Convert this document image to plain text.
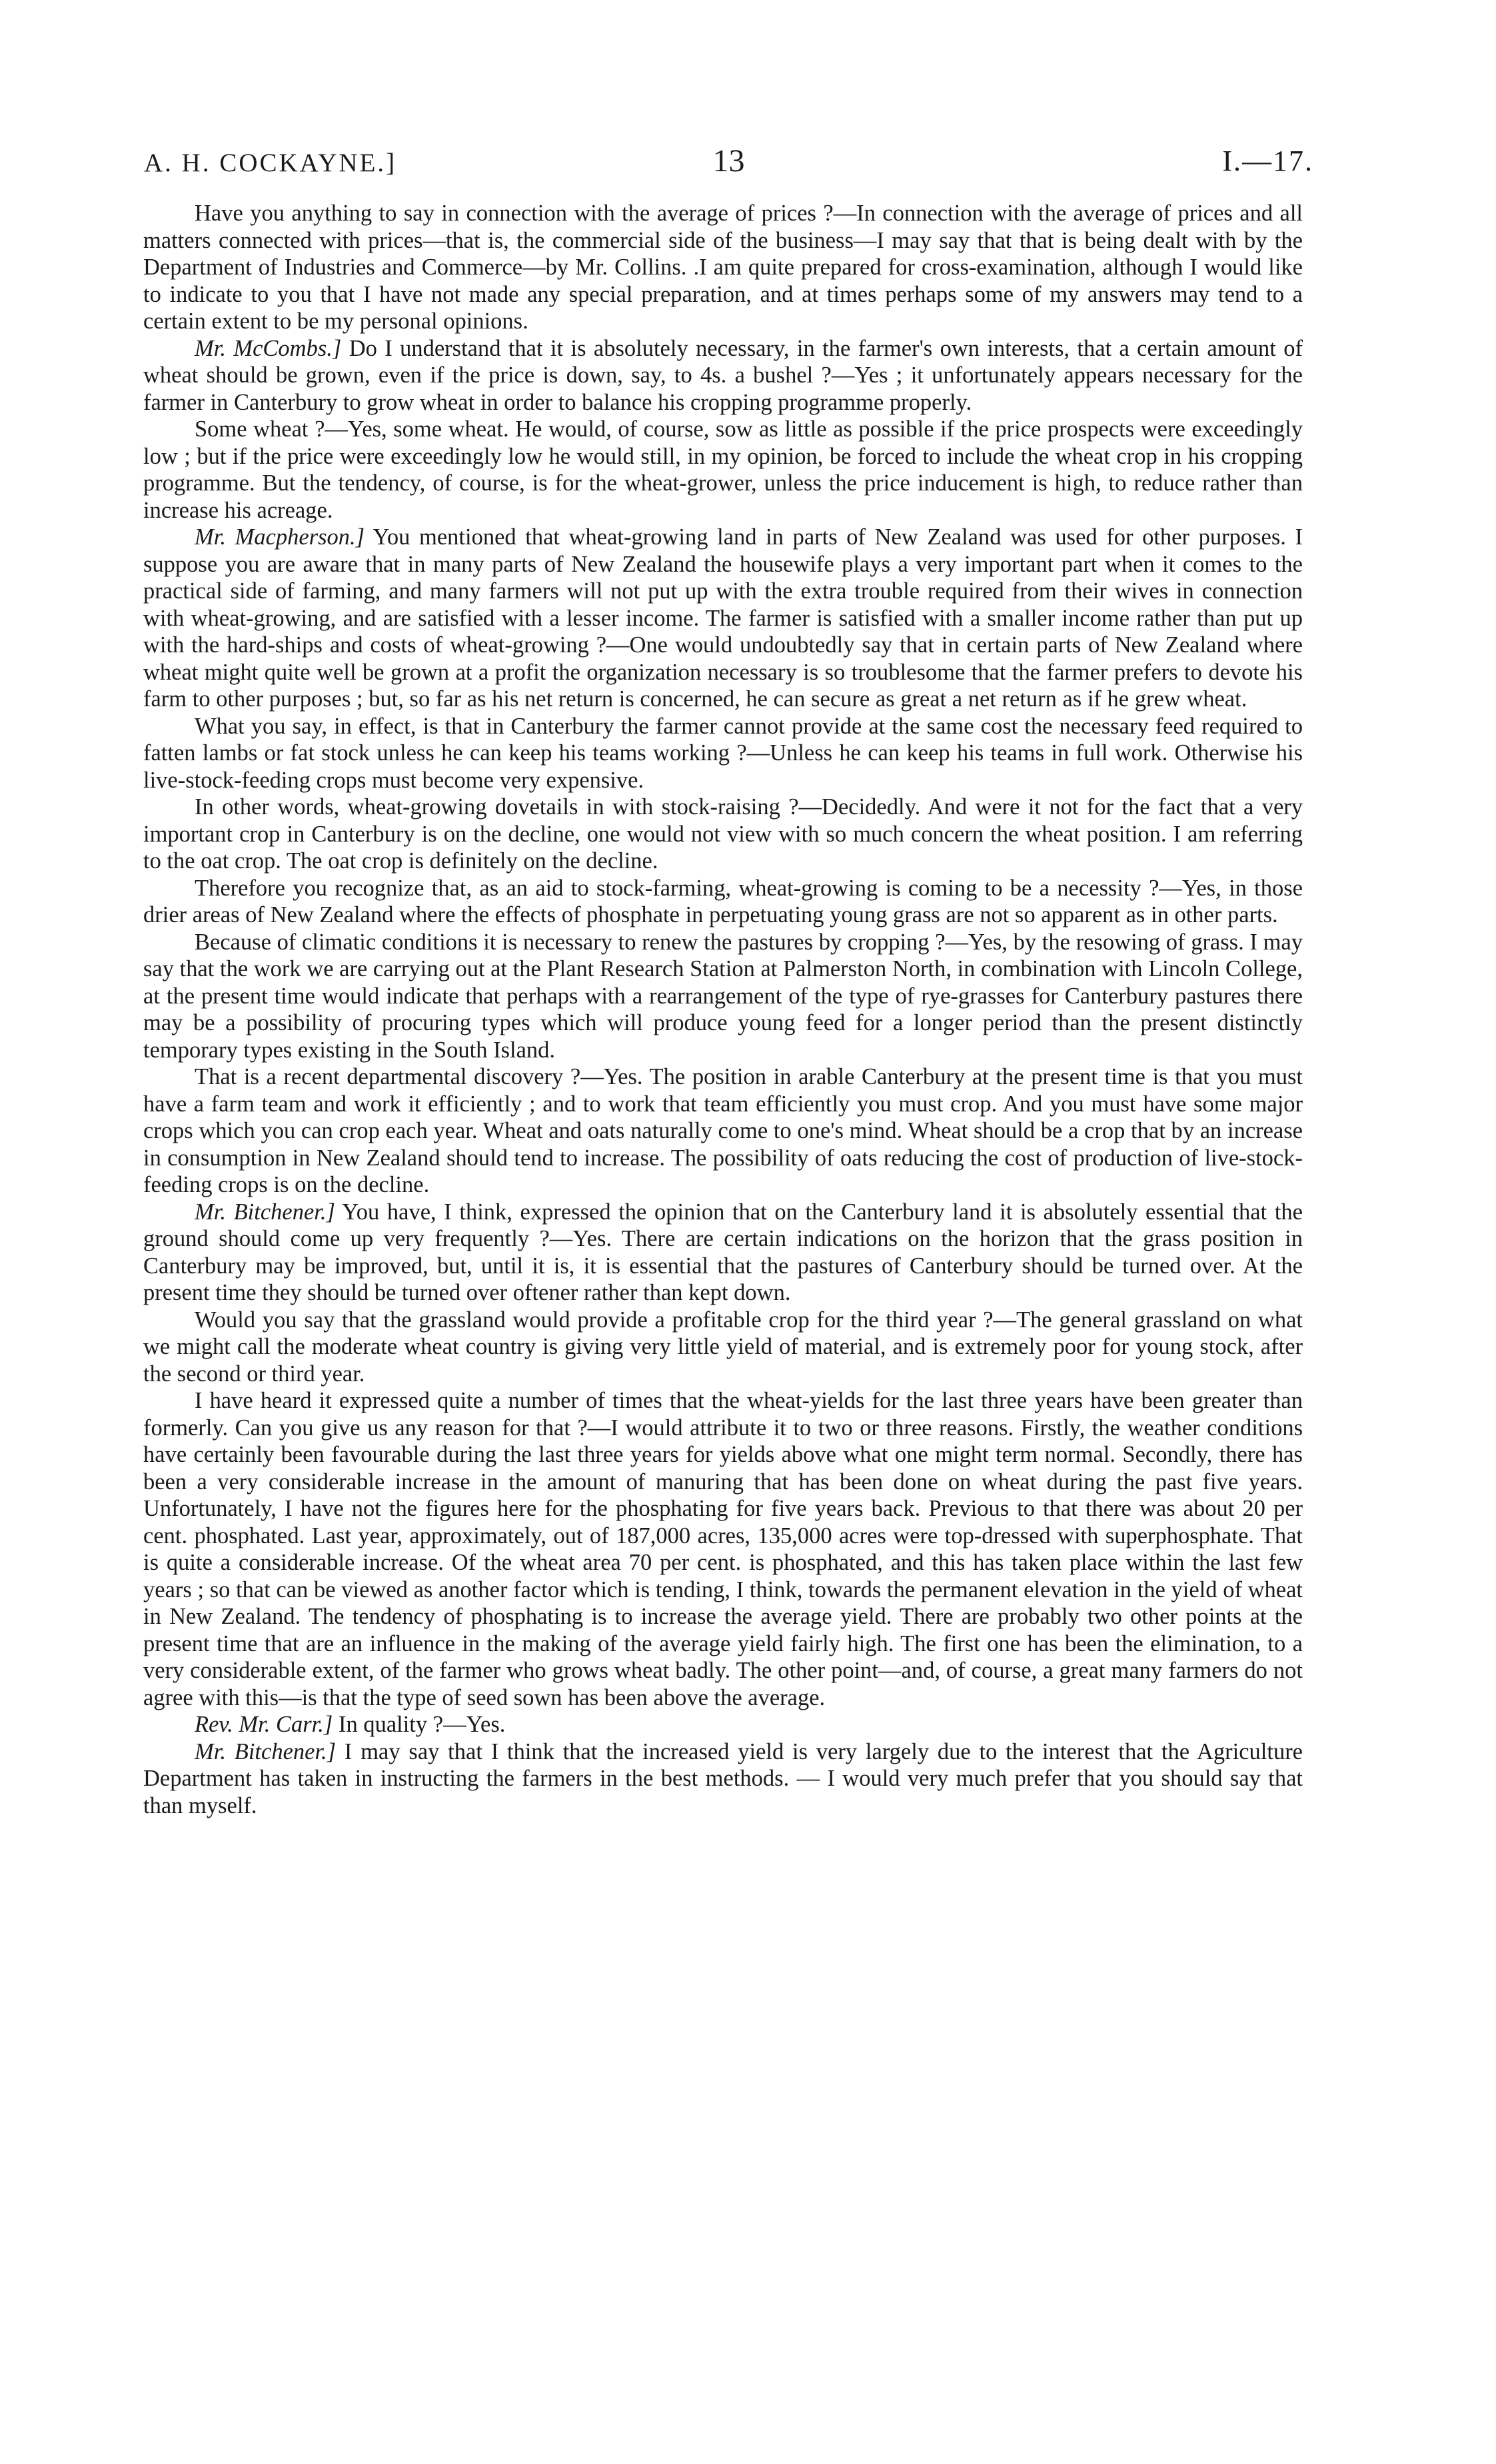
A. H. COCKAYNE.]	13	I.—17.

Have you anything to say in connection with the average of prices ?—In connection with the average of prices and all matters connected with prices—that is, the commercial side of the business—I may say that that is being dealt with by the Department of Industries and Commerce—by Mr. Collins. .I am quite prepared for cross-examination, although I would like to indicate to you that I have not made any special preparation, and at times perhaps some of my answers may tend to a certain extent to be my personal opinions.

Mr. McCombs.] Do I understand that it is absolutely necessary, in the farmer's own interests, that a certain amount of wheat should be grown, even if the price is down, say, to 4s. a bushel ?—Yes ; it unfortunately appears necessary for the farmer in Canterbury to grow wheat in order to balance his cropping programme properly.

Some wheat ?—Yes, some wheat. He would, of course, sow as little as possible if the price prospects were exceedingly low ; but if the price were exceedingly low he would still, in my opinion, be forced to include the wheat crop in his cropping programme. But the tendency, of course, is for the wheat-grower, unless the price inducement is high, to reduce rather than increase his acreage.

Mr. Macpherson.] You mentioned that wheat-growing land in parts of New Zealand was used for other purposes. I suppose you are aware that in many parts of New Zealand the housewife plays a very important part when it comes to the practical side of farming, and many farmers will not put up with the extra trouble required from their wives in connection with wheat-growing, and are satisfied with a lesser income. The farmer is satisfied with a smaller income rather than put up with the hard-ships and costs of wheat-growing ?—One would undoubtedly say that in certain parts of New Zealand where wheat might quite well be grown at a profit the organization necessary is so troublesome that the farmer prefers to devote his farm to other purposes ; but, so far as his net return is concerned, he can secure as great a net return as if he grew wheat.

What you say, in effect, is that in Canterbury the farmer cannot provide at the same cost the necessary feed required to fatten lambs or fat stock unless he can keep his teams working ?—Unless he can keep his teams in full work. Otherwise his live-stock-feeding crops must become very expensive.

In other words, wheat-growing dovetails in with stock-raising ?—Decidedly. And were it not for the fact that a very important crop in Canterbury is on the decline, one would not view with so much concern the wheat position. I am referring to the oat crop. The oat crop is definitely on the decline.

Therefore you recognize that, as an aid to stock-farming, wheat-growing is coming to be a necessity ?—Yes, in those drier areas of New Zealand where the effects of phosphate in perpetuating young grass are not so apparent as in other parts.

Because of climatic conditions it is necessary to renew the pastures by cropping ?—Yes, by the resowing of grass. I may say that the work we are carrying out at the Plant Research Station at Palmerston North, in combination with Lincoln College, at the present time would indicate that perhaps with a rearrangement of the type of rye-grasses for Canterbury pastures there may be a possibility of procuring types which will produce young feed for a longer period than the present distinctly temporary types existing in the South Island.

That is a recent departmental discovery ?—Yes. The position in arable Canterbury at the present time is that you must have a farm team and work it efficiently ; and to work that team efficiently you must crop. And you must have some major crops which you can crop each year. Wheat and oats naturally come to one's mind. Wheat should be a crop that by an increase in consumption in New Zealand should tend to increase. The possibility of oats reducing the cost of production of live-stock-feeding crops is on the decline.

Mr. Bitchener.] You have, I think, expressed the opinion that on the Canterbury land it is absolutely essential that the ground should come up very frequently ?—Yes. There are certain indications on the horizon that the grass position in Canterbury may be improved, but, until it is, it is essential that the pastures of Canterbury should be turned over. At the present time they should be turned over oftener rather than kept down.

Would you say that the grassland would provide a profitable crop for the third year ?—The general grassland on what we might call the moderate wheat country is giving very little yield of material, and is extremely poor for young stock, after the second or third year.

I have heard it expressed quite a number of times that the wheat-yields for the last three years have been greater than formerly. Can you give us any reason for that ?—I would attribute it to two or three reasons. Firstly, the weather conditions have certainly been favourable during the last three years for yields above what one might term normal. Secondly, there has been a very considerable increase in the amount of manuring that has been done on wheat during the past five years. Unfortunately, I have not the figures here for the phosphating for five years back. Previous to that there was about 20 per cent. phosphated. Last year, approximately, out of 187,000 acres, 135,000 acres were top-dressed with superphosphate. That is quite a considerable increase. Of the wheat area 70 per cent. is phosphated, and this has taken place within the last few years ; so that can be viewed as another factor which is tending, I think, towards the permanent elevation in the yield of wheat in New Zealand. The tendency of phosphating is to increase the average yield. There are probably two other points at the present time that are an influence in the making of the average yield fairly high. The first one has been the elimination, to a very considerable extent, of the farmer who grows wheat badly. The other point—and, of course, a great many farmers do not agree with this—is that the type of seed sown has been above the average.

Rev. Mr. Carr.] In quality ?—Yes.

Mr. Bitchener.] I may say that I think that the increased yield is very largely due to the interest that the Agriculture Department has taken in instructing the farmers in the best methods. — I would very much prefer that you should say that than myself.
